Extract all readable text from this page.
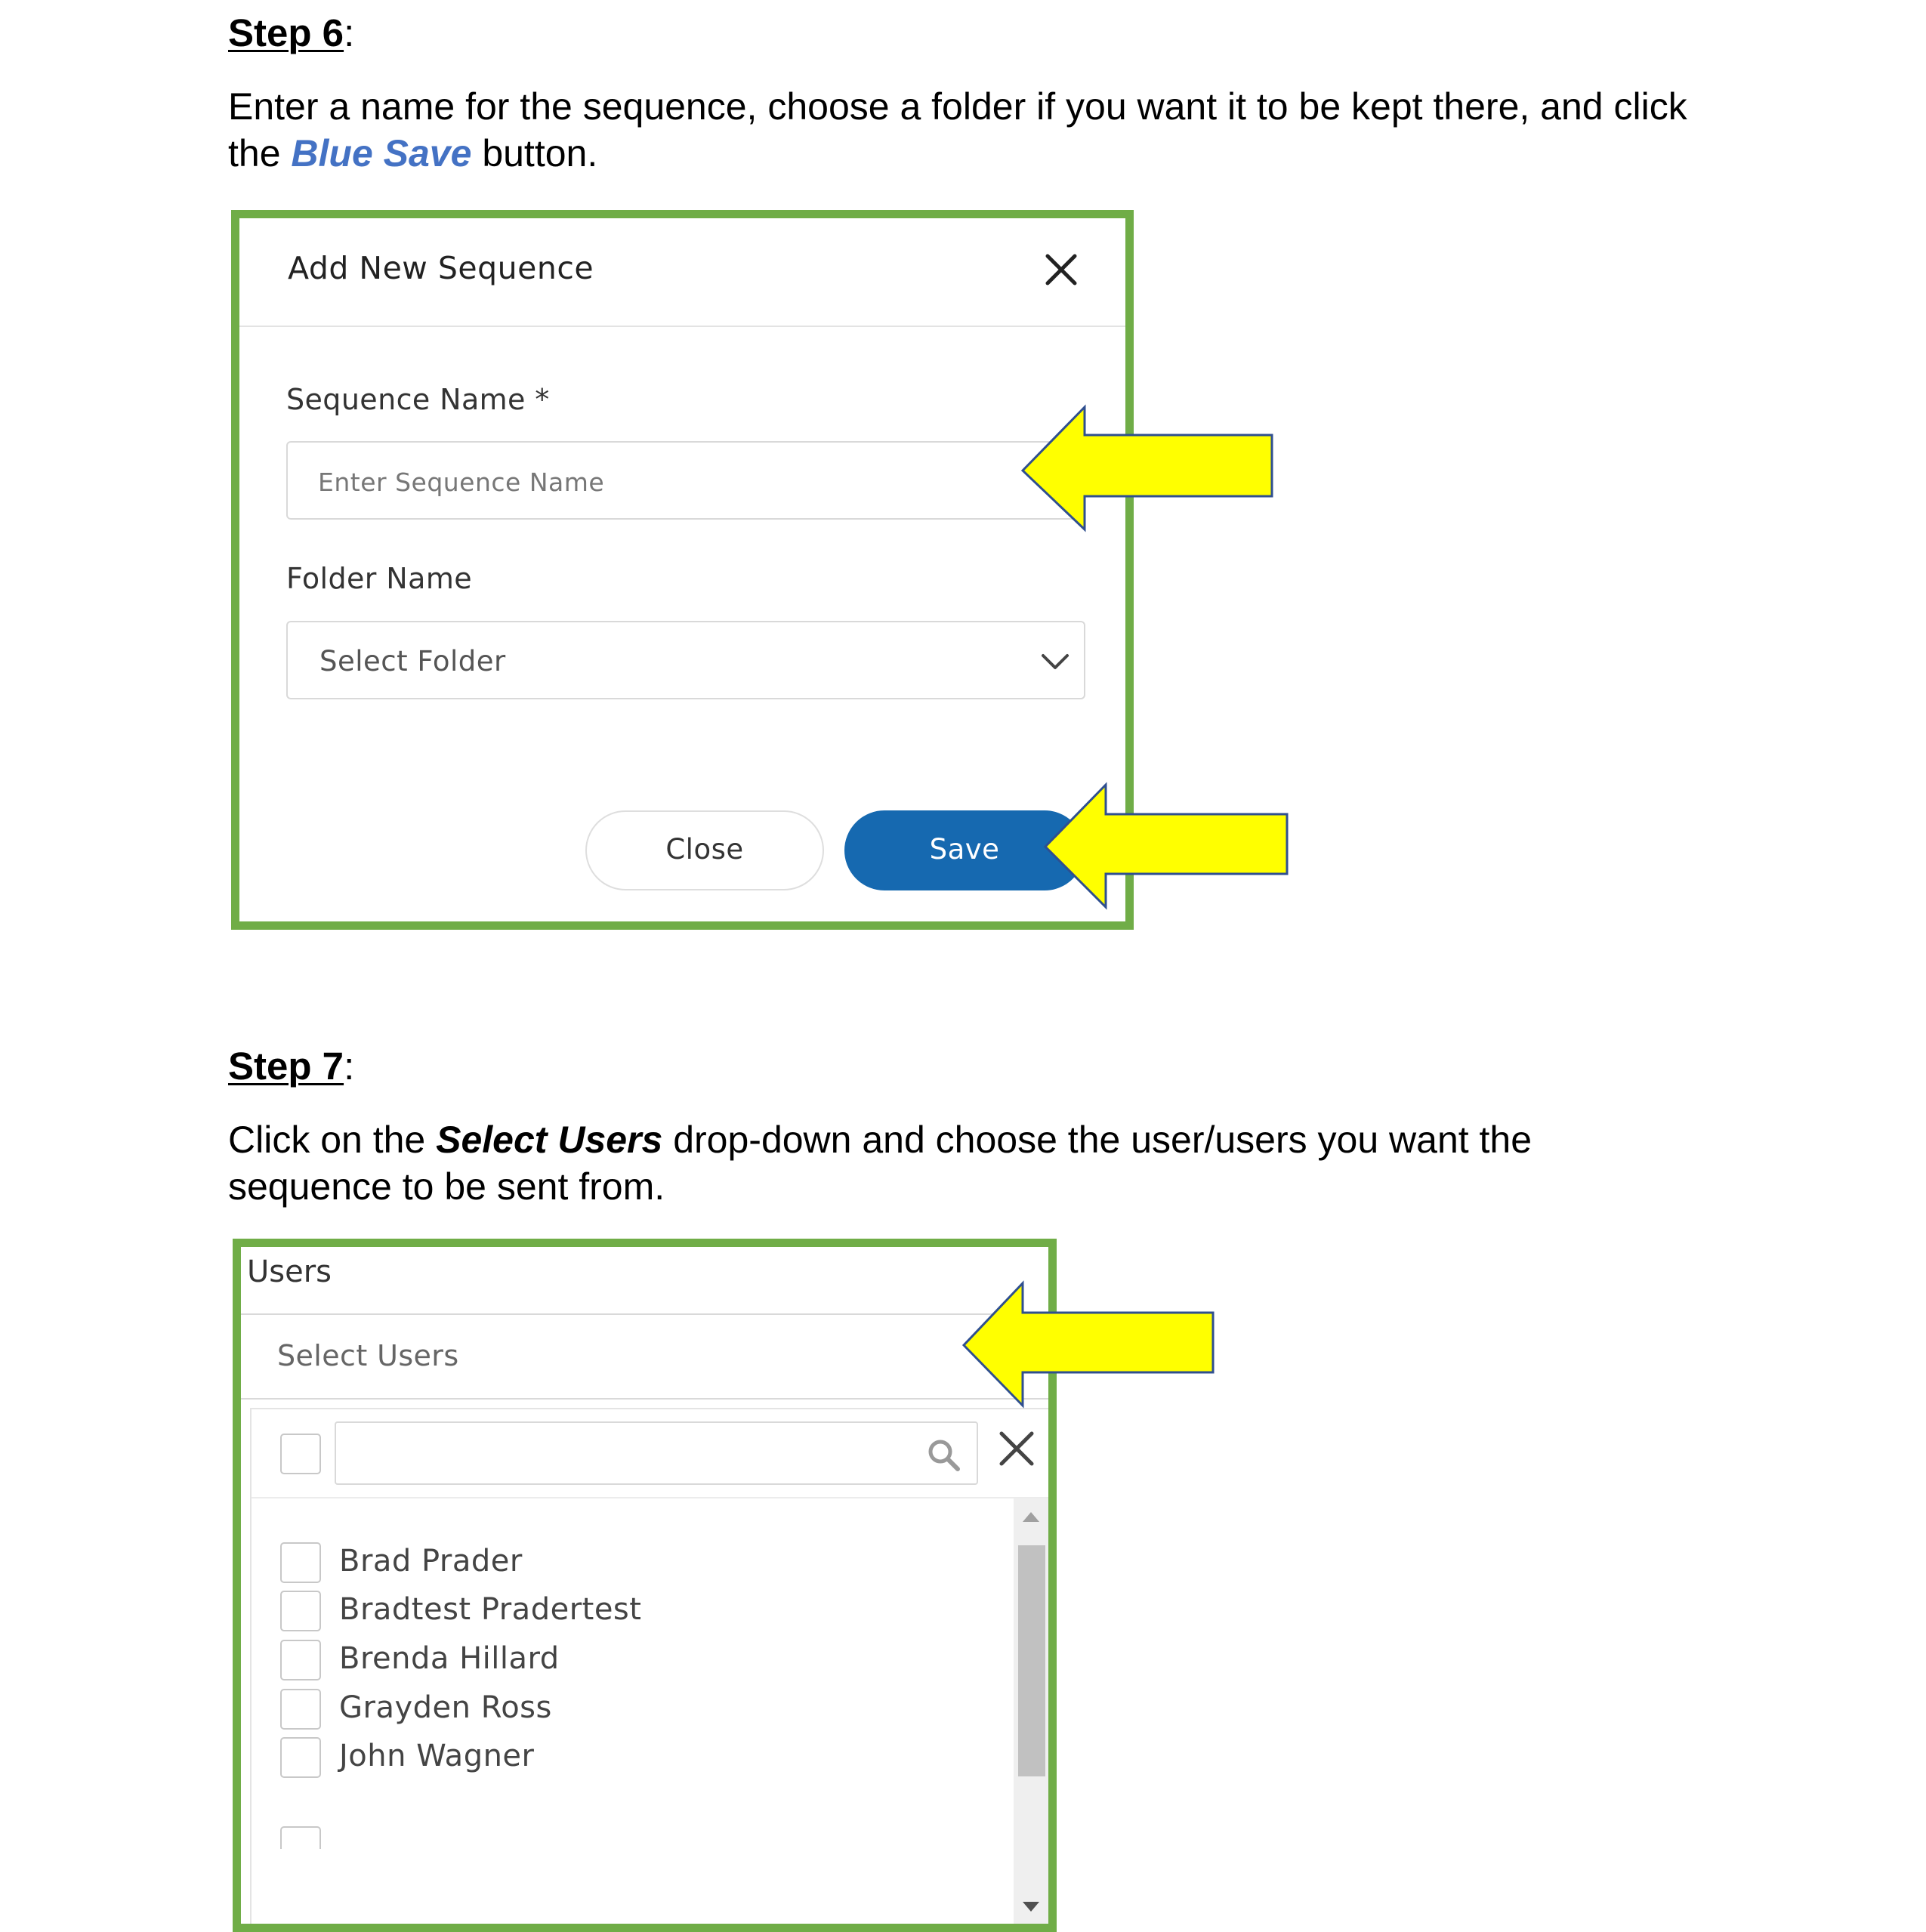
Step 6:
Enter a name for the sequence, choose a folder if you want it to be kept there, and click the Blue Save button.
Add New Sequence
Sequence Name *
Enter Sequence Name
Folder Name
Select Folder
Close	Save
Step 7:
Click on the Select Users drop-down and choose the user/users you want the sequence to be sent from.
Users
Select Users
Brad Prader
Bradtest Pradertest
Brenda Hillard
Grayden Ross
John Wagner
